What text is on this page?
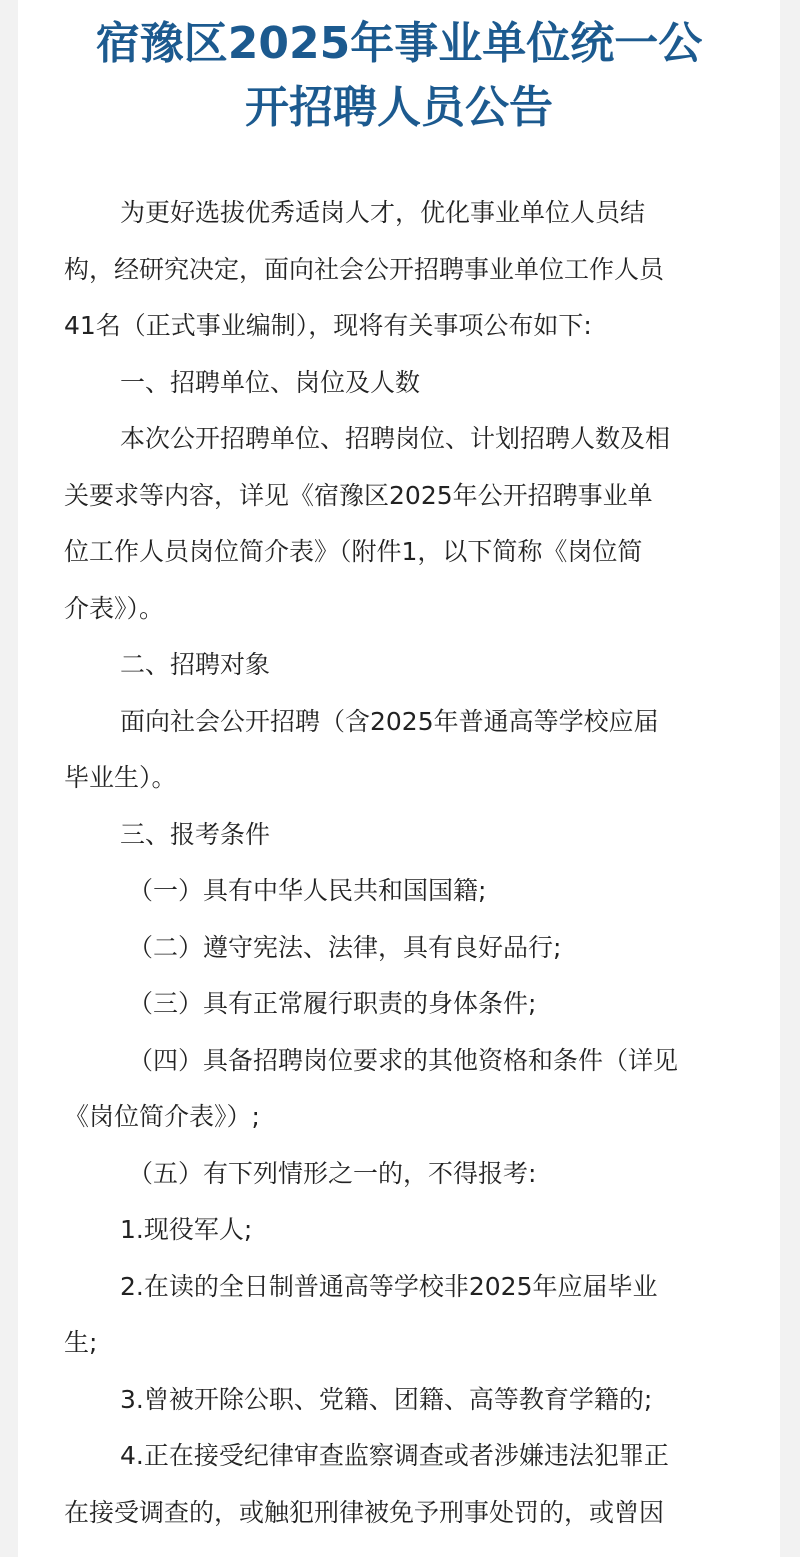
宿豫区2025年事业单位统一公
开招聘人员公告

为更好选拔优秀适岗人才，优化事业单位人员结

构，经研究决定，面向社会公开招聘事业单位工作人员

41名（正式事业编制），现将有关事项公布如下:

一、招聘单位、岗位及人数

本次公开招聘单位、招聘岗位、计划招聘人数及相

关要求等内容，详见《宿豫区2025年公开招聘事业单

位工作人员岗位简介表》（附件1，以下简称《岗位简

介表》）。

二、招聘对象

面向社会公开招聘（含2025年普通高等学校应届

毕业生）。

三、报考条件

（一）具有中华人民共和国国籍;

（二）遵守宪法、法律，具有良好品行;

（三）具有正常履行职责的身体条件;

（四）具备招聘岗位要求的其他资格和条件（详见

《岗位简介表》）;

（五）有下列情形之一的，不得报考:

1.现役军人;

2.在读的全日制普通高等学校非2025年应届毕业

生;

3.曾被开除公职、党籍、团籍、高等教育学籍的;

4.正在接受纪律审查监察调查或者涉嫌违法犯罪正

在接受调查的，或触犯刑律被免予刑事处罚的，或曾因
